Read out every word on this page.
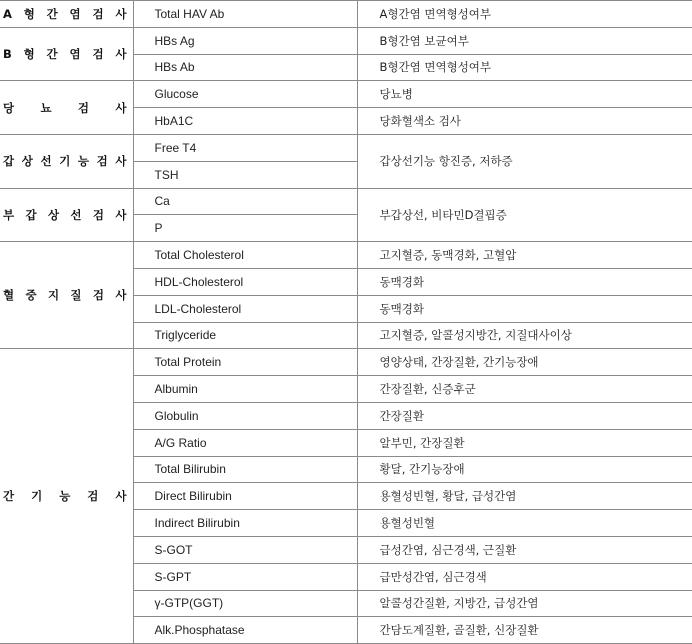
A 형 간 염 검 사	Total HAV Ab	A형간염 면역형성여부

B 형 간 염 검 사	HBs Ag	B형간염 보균여부
	HBs Ab	B형간염 면역형성여부

당 뇨 검 사	Glucose	당뇨병
	HbA1C	당화혈색소 검사

갑 상 선 기 능 검 사	Free T4	갑상선기능 항진증, 저하증
	TSH	

부 갑 상 선 검 사	Ca	부갑상선, 비타민D결핍증
	P	

혈 중 지 질 검 사	Total Cholesterol	고지혈증, 동맥경화, 고혈압
	HDL-Cholesterol	동맥경화
	LDL-Cholesterol	동맥경화
	Triglyceride	고지혈증, 알콜성지방간, 지질대사이상

간 기 능 검 사	Total Protein	영양상태, 간장질환, 간기능장애
	Albumin	간장질환, 신증후군
	Globulin	간장질환
	A/G Ratio	알부민, 간장질환
	Total Bilirubin	황달, 간기능장애
	Direct Bilirubin	용혈성빈혈, 황달, 급성간염
	Indirect Bilirubin	용혈성빈혈
	S-GOT	급성간염, 심근경색, 근질환
	S-GPT	급만성간염, 심근경색
	γ-GTP(GGT)	알콜성간질환, 지방간, 급성간염
	Alk.Phosphatase	간담도계질환, 골질환, 신장질환
